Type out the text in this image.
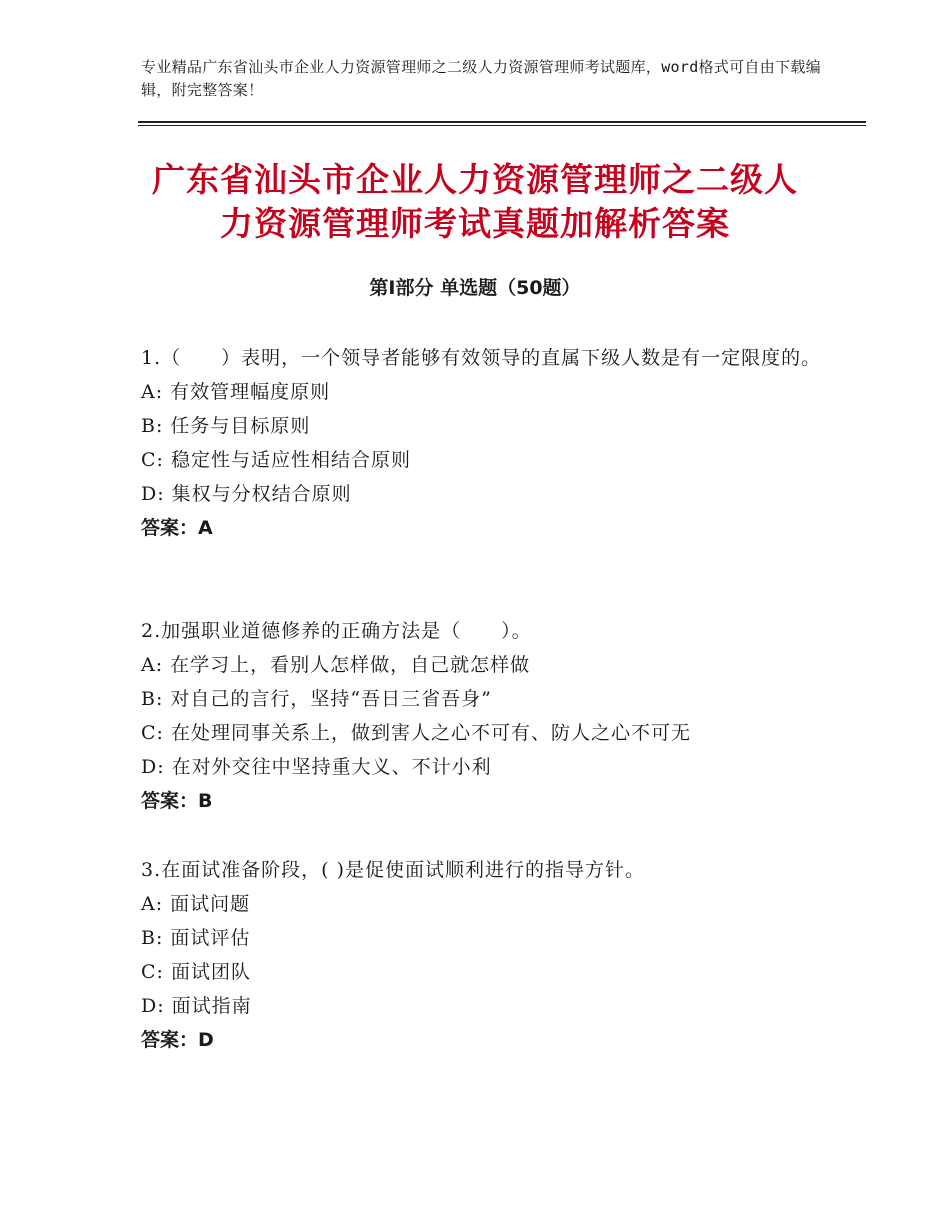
专业精品广东省汕头市企业人力资源管理师之二级人力资源管理师考试题库，word格式可自由下载编辑，附完整答案！
广东省汕头市企业人力资源管理师之二级人
力资源管理师考试真题加解析答案
第Ⅰ部分 单选题（50题）
1.（　　）表明，一个领导者能够有效领导的直属下级人数是有一定限度的。
A: 有效管理幅度原则
B: 任务与目标原则
C: 稳定性与适应性相结合原则
D: 集权与分权结合原则
答案：A
2.加强职业道德修养的正确方法是（　　）。
A: 在学习上，看别人怎样做，自己就怎样做
B: 对自己的言行，坚持“吾日三省吾身”
C: 在处理同事关系上，做到害人之心不可有、防人之心不可无
D: 在对外交往中坚持重大义、不计小利
答案：B
3.在面试准备阶段，( )是促使面试顺利进行的指导方针。
A: 面试问题
B: 面试评估
C: 面试团队
D: 面试指南
答案：D
